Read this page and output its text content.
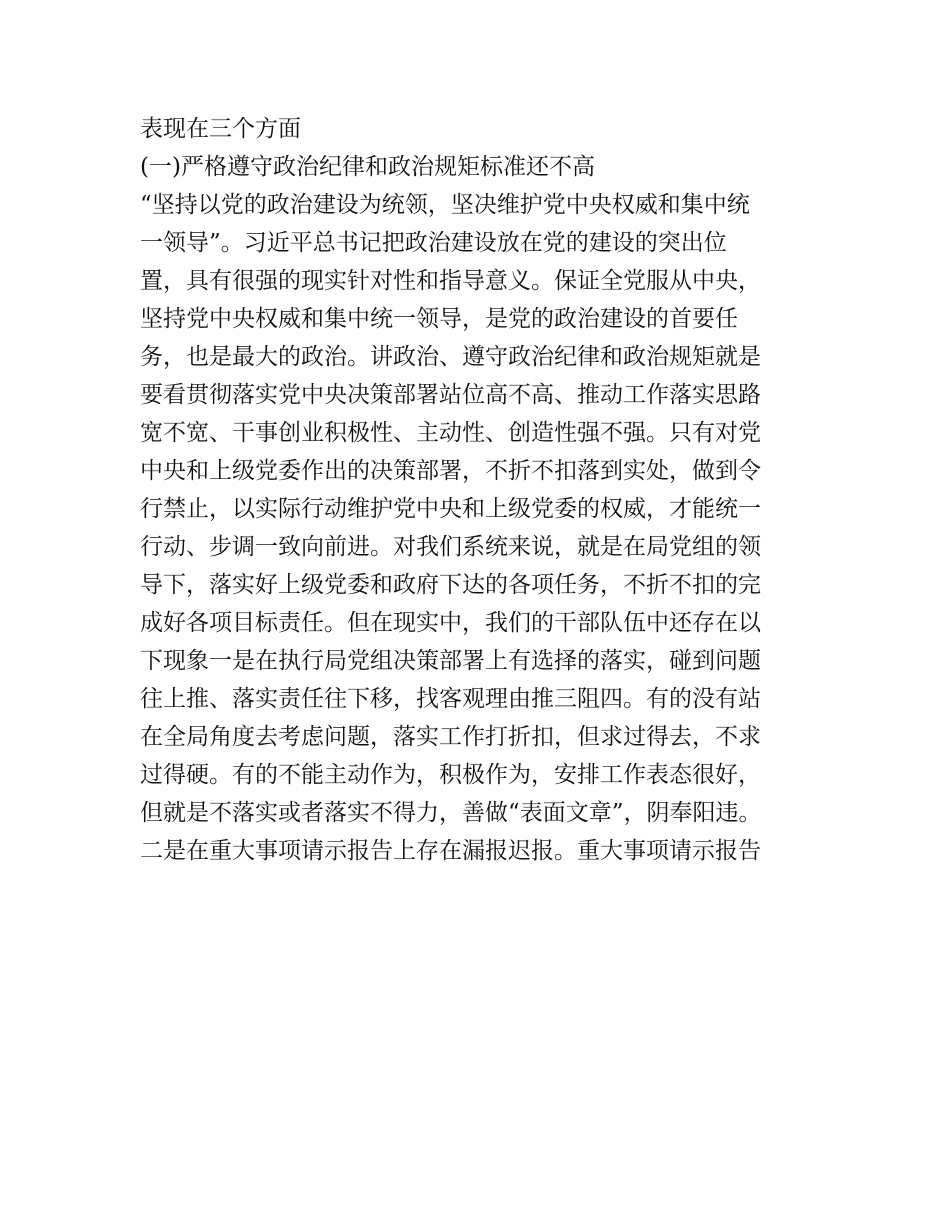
表现在三个方面
(一)严格遵守政治纪律和政治规矩标准还不高
“坚持以党的政治建设为统领，坚决维护党中央权威和集中统
一领导”。习近平总书记把政治建设放在党的建设的突出位
置，具有很强的现实针对性和指导意义。保证全党服从中央，
坚持党中央权威和集中统一领导，是党的政治建设的首要任
务，也是最大的政治。讲政治、遵守政治纪律和政治规矩就是
要看贯彻落实党中央决策部署站位高不高、推动工作落实思路
宽不宽、干事创业积极性、主动性、创造性强不强。只有对党
中央和上级党委作出的决策部署，不折不扣落到实处，做到令
行禁止，以实际行动维护党中央和上级党委的权威，才能统一
行动、步调一致向前进。对我们系统来说，就是在局党组的领
导下，落实好上级党委和政府下达的各项任务，不折不扣的完
成好各项目标责任。但在现实中，我们的干部队伍中还存在以
下现象一是在执行局党组决策部署上有选择的落实，碰到问题
往上推、落实责任往下移，找客观理由推三阻四。有的没有站
在全局角度去考虑问题，落实工作打折扣，但求过得去，不求
过得硬。有的不能主动作为，积极作为，安排工作表态很好，
但就是不落实或者落实不得力，善做“表面文章”，阴奉阳违。
二是在重大事项请示报告上存在漏报迟报。重大事项请示报告
